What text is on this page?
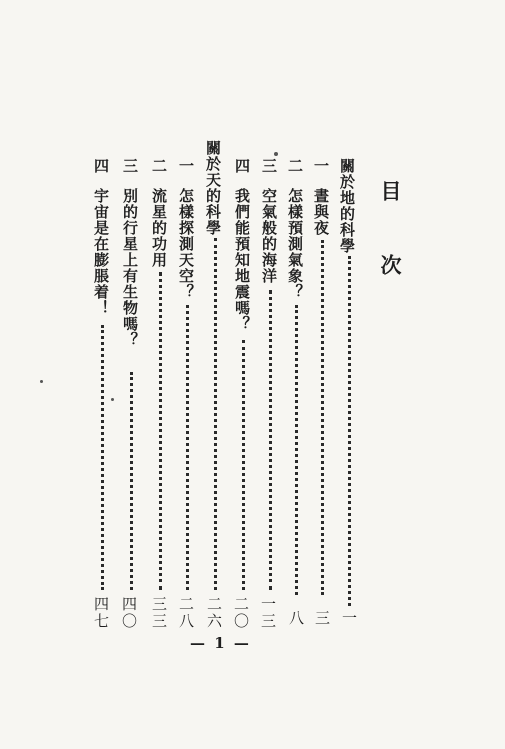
目 次
關於地的科學
一
一
晝與夜
三
二
怎樣預測氣象？
八
三
空氣般的海洋
一三
四
我們能預知地震嗎？
二〇
關於天的科學
二六
一
怎樣探測天空？
二八
二
流星的功用
三三
三
別的行星上有生物嗎？
四〇
四
宇宙是在膨脹着！
四七
— 1 —
